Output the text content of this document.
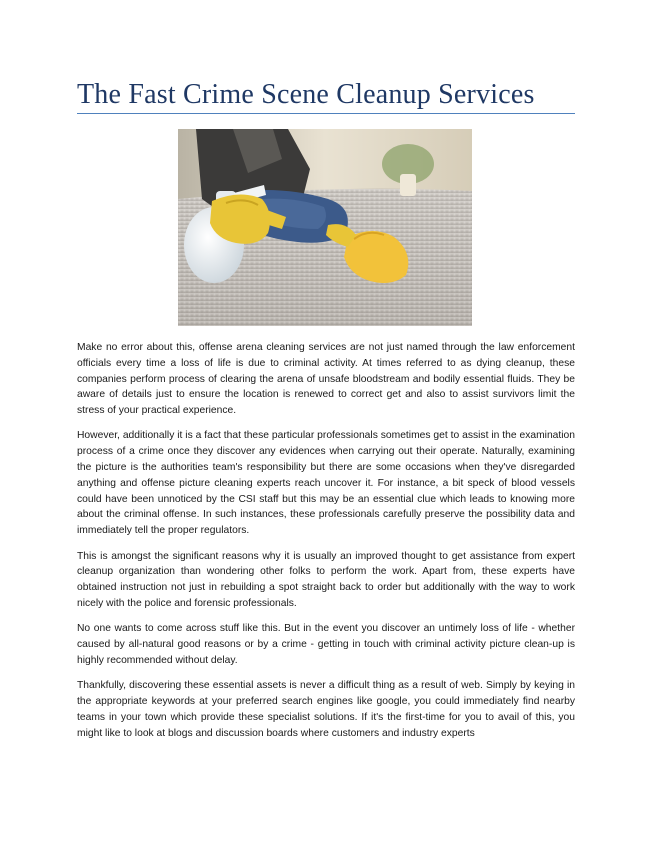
The Fast Crime Scene Cleanup Services

Make no error about this, offense arena cleaning services are not just named through the law enforcement officials every time a loss of life is due to criminal activity. At times referred to as dying cleanup, these companies perform process of clearing the arena of unsafe bloodstream and bodily essential fluids. They be aware of details just to ensure the location is renewed to correct get and also to assist survivors limit the stress of your practical experience.

However, additionally it is a fact that these particular professionals sometimes get to assist in the examination process of a crime once they discover any evidences when carrying out their operate. Naturally, examining the picture is the authorities team's responsibility but there are some occasions when they've disregarded anything and offense picture cleaning experts reach uncover it. For instance, a bit speck of blood vessels could have been unnoticed by the CSI staff but this may be an essential clue which leads to knowing more about the criminal offense. In such instances, these professionals carefully preserve the possibility data and immediately tell the proper regulators.

This is amongst the significant reasons why it is usually an improved thought to get assistance from expert cleanup organization than wondering other folks to perform the work. Apart from, these experts have obtained instruction not just in rebuilding a spot straight back to order but additionally with the way to work nicely with the police and forensic professionals.

No one wants to come across stuff like this. But in the event you discover an untimely loss of life - whether caused by all-natural good reasons or by a crime - getting in touch with criminal activity picture clean-up is highly recommended without delay.

Thankfully, discovering these essential assets is never a difficult thing as a result of web. Simply by keying in the appropriate keywords at your preferred search engines like google, you could immediately find nearby teams in your town which provide these specialist solutions. If it's the first-time for you to avail of this, you might like to look at blogs and discussion boards where customers and industry experts
